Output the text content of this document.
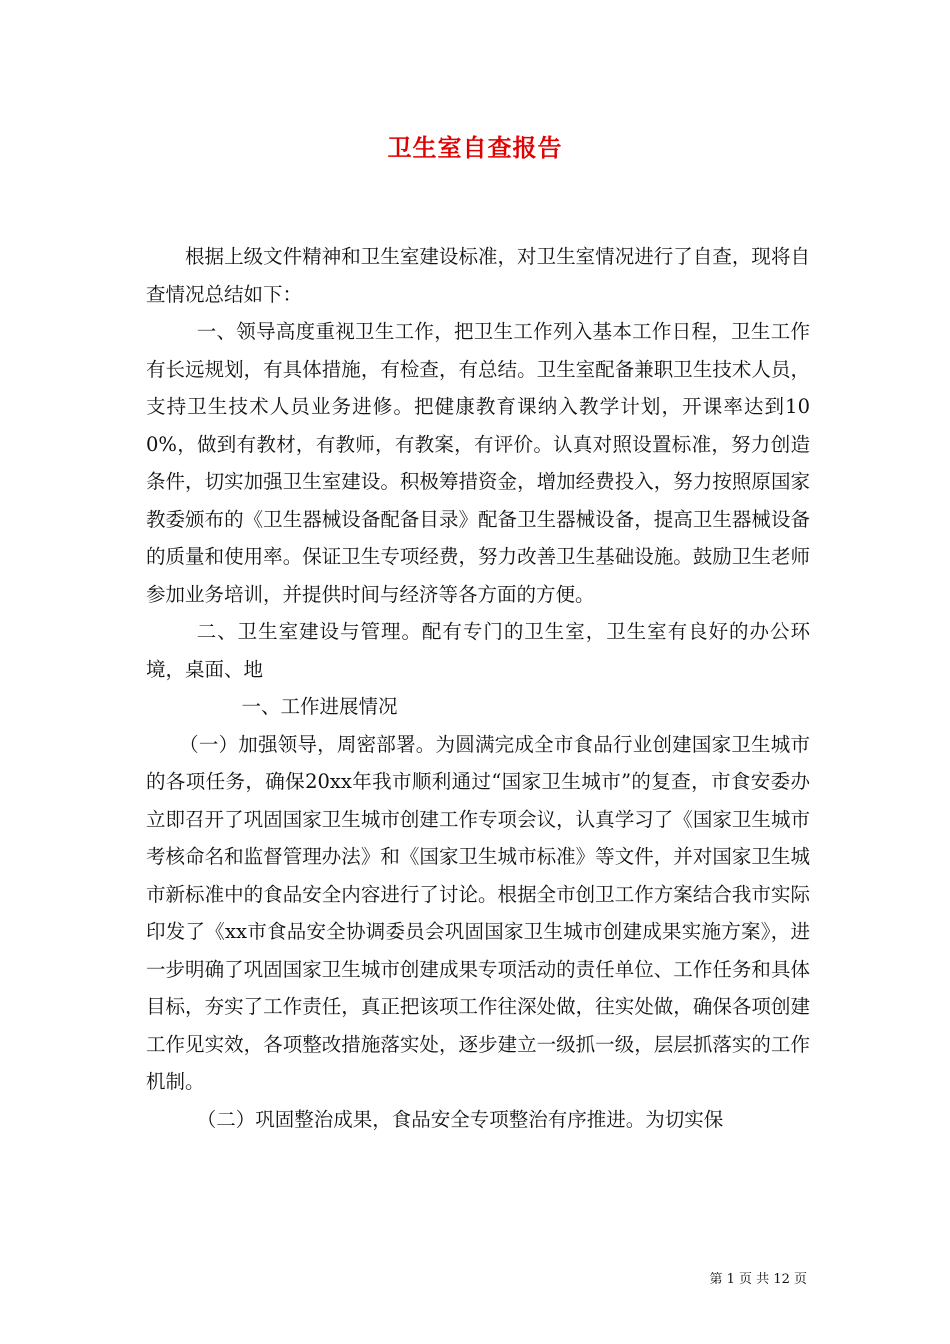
卫生室自查报告

根据上级文件精神和卫生室建设标准，对卫生室情况进行了自查，现将自查情况总结如下：

一、领导高度重视卫生工作，把卫生工作列入基本工作日程，卫生工作有长远规划，有具体措施，有检查，有总结。卫生室配备兼职卫生技术人员，支持卫生技术人员业务进修。把健康教育课纳入教学计划，开课率达到100%，做到有教材，有教师，有教案，有评价。认真对照设置标准，努力创造条件，切实加强卫生室建设。积极筹措资金，增加经费投入，努力按照原国家教委颁布的《卫生器械设备配备目录》配备卫生器械设备，提高卫生器械设备的质量和使用率。保证卫生专项经费，努力改善卫生基础设施。鼓励卫生老师参加业务培训，并提供时间与经济等各方面的方便。

二、卫生室建设与管理。配有专门的卫生室，卫生室有良好的办公环境，桌面、地

一、工作进展情况

（一）加强领导，周密部署。为圆满完成全市食品行业创建国家卫生城市的各项任务，确保20xx年我市顺利通过“国家卫生城市”的复查，市食安委办立即召开了巩固国家卫生城市创建工作专项会议，认真学习了《国家卫生城市考核命名和监督管理办法》和《国家卫生城市标准》等文件，并对国家卫生城市新标准中的食品安全内容进行了讨论。根据全市创卫工作方案结合我市实际印发了《xx市食品安全协调委员会巩固国家卫生城市创建成果实施方案》，进一步明确了巩固国家卫生城市创建成果专项活动的责任单位、工作任务和具体目标，夯实了工作责任，真正把该项工作往深处做，往实处做，确保各项创建工作见实效，各项整改措施落实处，逐步建立一级抓一级，层层抓落实的工作机制。

（二）巩固整治成果，食品安全专项整治有序推进。为切实保

第 1 页 共 12 页
